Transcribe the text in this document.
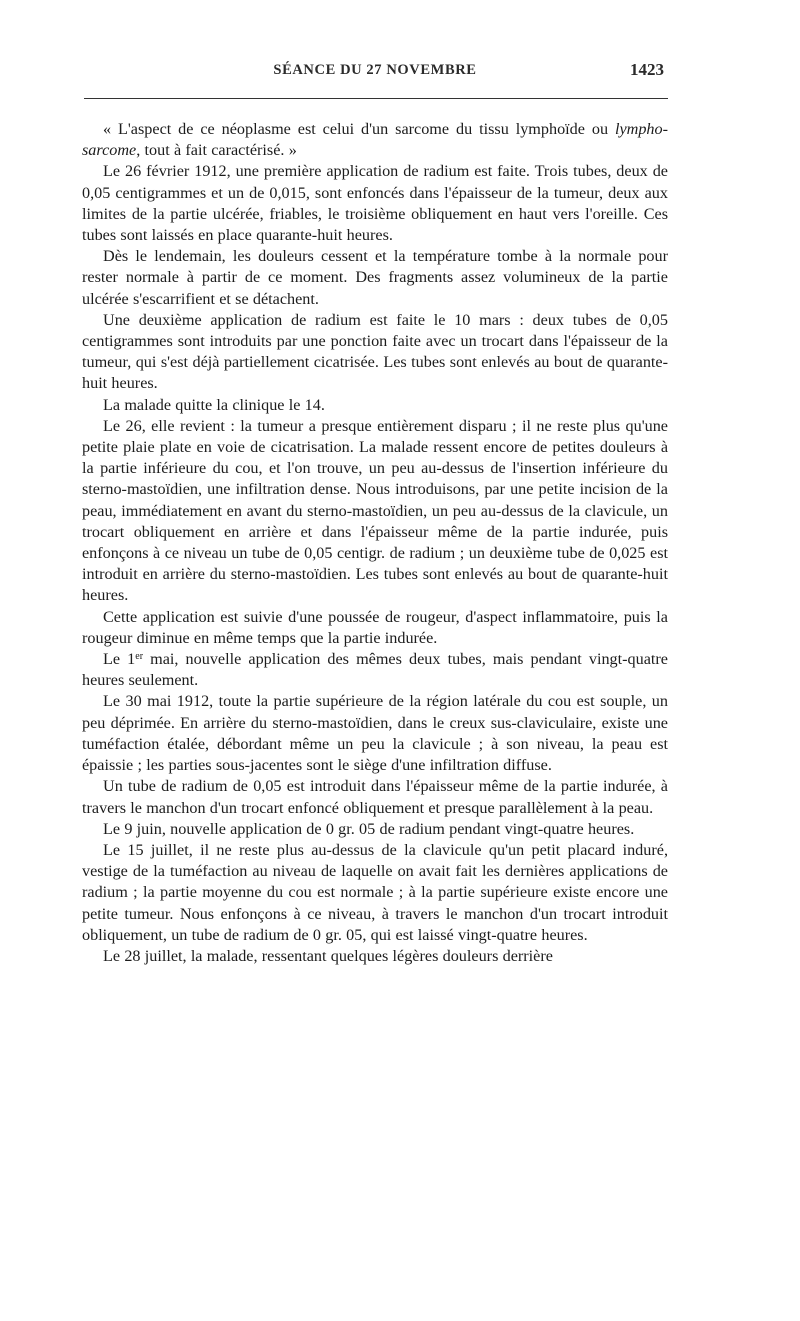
SÉANCE DU 27 NOVEMBRE	1423

« L'aspect de ce néoplasme est celui d'un sarcome du tissu lymphoïde ou lympho-sarcome, tout à fait caractérisé. »

Le 26 février 1912, une première application de radium est faite. Trois tubes, deux de 0,05 centigrammes et un de 0,015, sont enfoncés dans l'épaisseur de la tumeur, deux aux limites de la partie ulcérée, friables, le troisième obliquement en haut vers l'oreille. Ces tubes sont laissés en place quarante-huit heures.

Dès le lendemain, les douleurs cessent et la température tombe à la normale pour rester normale à partir de ce moment. Des fragments assez volumineux de la partie ulcérée s'escarrifient et se détachent.

Une deuxième application de radium est faite le 10 mars : deux tubes de 0,05 centigrammes sont introduits par une ponction faite avec un trocart dans l'épaisseur de la tumeur, qui s'est déjà partiellement cicatrisée. Les tubes sont enlevés au bout de quarante-huit heures.

La malade quitte la clinique le 14.

Le 26, elle revient : la tumeur a presque entièrement disparu ; il ne reste plus qu'une petite plaie plate en voie de cicatrisation. La malade ressent encore de petites douleurs à la partie inférieure du cou, et l'on trouve, un peu au-dessus de l'insertion inférieure du sterno-mastoïdien, une infiltration dense. Nous introduisons, par une petite incision de la peau, immédiatement en avant du sterno-mastoïdien, un peu au-dessus de la clavicule, un trocart obliquement en arrière et dans l'épaisseur même de la partie indurée, puis enfonçons à ce niveau un tube de 0,05 centigr. de radium ; un deuxième tube de 0,025 est introduit en arrière du sterno-mastoïdien. Les tubes sont enlevés au bout de quarante-huit heures.

Cette application est suivie d'une poussée de rougeur, d'aspect inflammatoire, puis la rougeur diminue en même temps que la partie indurée.

Le 1er mai, nouvelle application des mêmes deux tubes, mais pendant vingt-quatre heures seulement.

Le 30 mai 1912, toute la partie supérieure de la région latérale du cou est souple, un peu déprimée. En arrière du sterno-mastoïdien, dans le creux sus-claviculaire, existe une tuméfaction étalée, débordant même un peu la clavicule ; à son niveau, la peau est épaissie ; les parties sous-jacentes sont le siège d'une infiltration diffuse.

Un tube de radium de 0,05 est introduit dans l'épaisseur même de la partie indurée, à travers le manchon d'un trocart enfoncé obliquement et presque parallèlement à la peau.

Le 9 juin, nouvelle application de 0 gr. 05 de radium pendant vingt-quatre heures.

Le 15 juillet, il ne reste plus au-dessus de la clavicule qu'un petit placard induré, vestige de la tuméfaction au niveau de laquelle on avait fait les dernières applications de radium ; la partie moyenne du cou est normale ; à la partie supérieure existe encore une petite tumeur. Nous enfonçons à ce niveau, à travers le manchon d'un trocart introduit obliquement, un tube de radium de 0 gr. 05, qui est laissé vingt-quatre heures.

Le 28 juillet, la malade, ressentant quelques légères douleurs derrière
